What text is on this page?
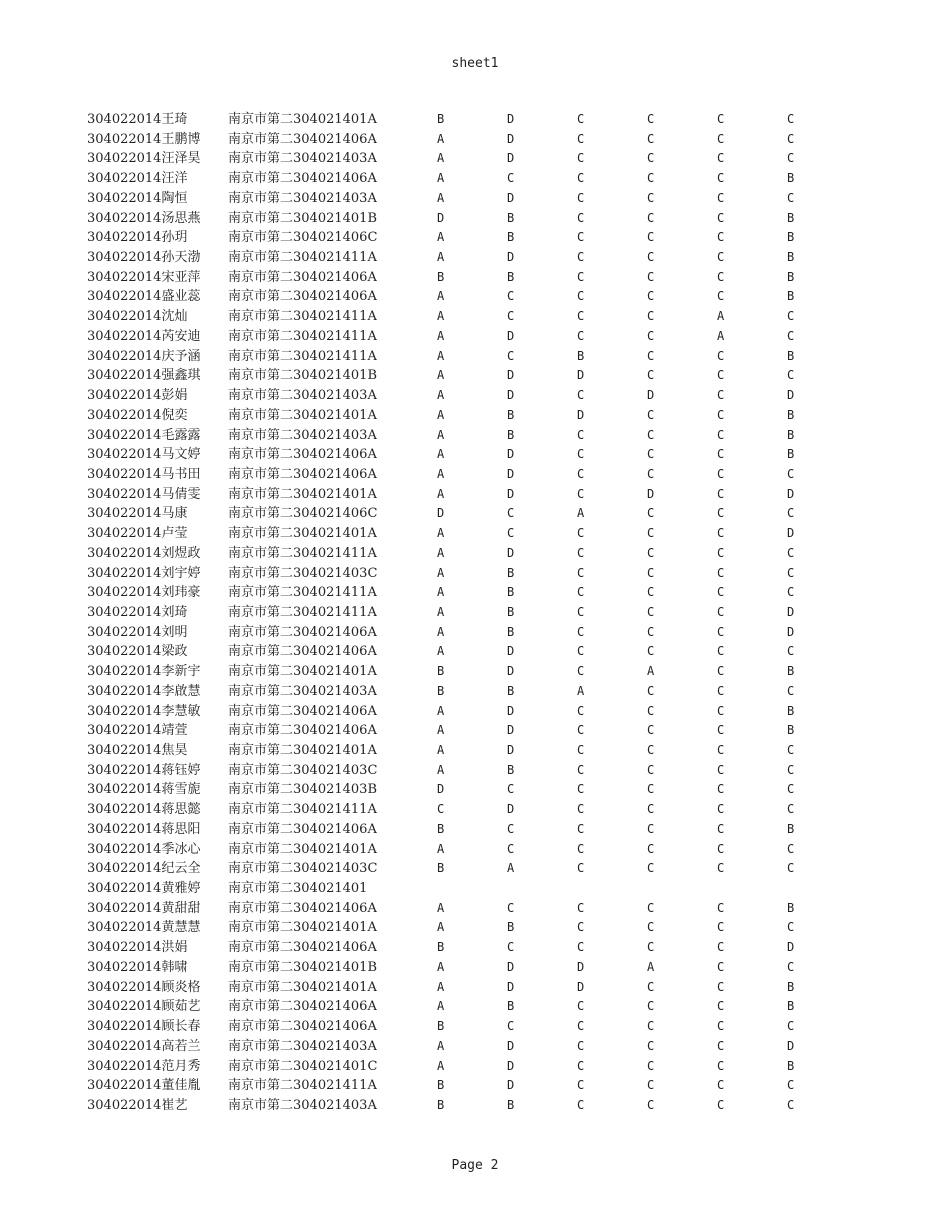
sheet1
304022014王琦	南京市第二304021401A	B	D	C	C	C	C
304022014王鹏博	南京市第二304021406A	A	D	C	C	C	C
304022014汪泽昊	南京市第二304021403A	A	D	C	C	C	C
304022014汪洋	南京市第二304021406A	A	C	C	C	C	B
304022014陶恒	南京市第二304021403A	A	D	C	C	C	C
304022014汤思燕	南京市第二304021401B	D	B	C	C	C	B
304022014孙玥	南京市第二304021406C	A	B	C	C	C	B
304022014孙天渤	南京市第二304021411A	A	D	C	C	C	B
304022014宋亚萍	南京市第二304021406A	B	B	C	C	C	B
304022014盛业蕊	南京市第二304021406A	A	C	C	C	C	B
304022014沈灿	南京市第二304021411A	A	C	C	C	A	C
304022014芮安迪	南京市第二304021411A	A	D	C	C	A	C
304022014庆予涵	南京市第二304021411A	A	C	B	C	C	B
304022014强鑫琪	南京市第二304021401B	A	D	D	C	C	C
304022014彭娟	南京市第二304021403A	A	D	C	D	C	D
304022014倪奕	南京市第二304021401A	A	B	D	C	C	B
304022014毛露露	南京市第二304021403A	A	B	C	C	C	B
304022014马文婷	南京市第二304021406A	A	D	C	C	C	B
304022014马书田	南京市第二304021406A	A	D	C	C	C	C
304022014马倩雯	南京市第二304021401A	A	D	C	D	C	D
304022014马康	南京市第二304021406C	D	C	A	C	C	C
304022014卢莹	南京市第二304021401A	A	C	C	C	C	D
304022014刘煜政	南京市第二304021411A	A	D	C	C	C	C
304022014刘宇婷	南京市第二304021403C	A	B	C	C	C	C
304022014刘玮豪	南京市第二304021411A	A	B	C	C	C	C
304022014刘琦	南京市第二304021411A	A	B	C	C	C	D
304022014刘明	南京市第二304021406A	A	B	C	C	C	D
304022014梁政	南京市第二304021406A	A	D	C	C	C	C
304022014李新宇	南京市第二304021401A	B	D	C	A	C	B
304022014李啟慧	南京市第二304021403A	B	B	A	C	C	C
304022014李慧敏	南京市第二304021406A	A	D	C	C	C	B
304022014靖萱	南京市第二304021406A	A	D	C	C	C	B
304022014焦昊	南京市第二304021401A	A	D	C	C	C	C
304022014蒋钰婷	南京市第二304021403C	A	B	C	C	C	C
304022014蒋雪旎	南京市第二304021403B	D	C	C	C	C	C
304022014蒋思懿	南京市第二304021411A	C	D	C	C	C	C
304022014蒋思阳	南京市第二304021406A	B	C	C	C	C	B
304022014季冰心	南京市第二304021401A	A	C	C	C	C	C
304022014纪云全	南京市第二304021403C	B	A	C	C	C	C
304022014黄雅婷	南京市第二304021401
304022014黄甜甜	南京市第二304021406A	A	C	C	C	C	B
304022014黄慧慧	南京市第二304021401A	A	B	C	C	C	C
304022014洪娟	南京市第二304021406A	B	C	C	C	C	D
304022014韩啸	南京市第二304021401B	A	D	D	A	C	C
304022014顾炎格	南京市第二304021401A	A	D	D	C	C	B
304022014顾茹艺	南京市第二304021406A	A	B	C	C	C	B
304022014顾长春	南京市第二304021406A	B	C	C	C	C	C
304022014高若兰	南京市第二304021403A	A	D	C	C	C	D
304022014范月秀	南京市第二304021401C	A	D	C	C	C	B
304022014董佳胤	南京市第二304021411A	B	D	C	C	C	C
304022014崔艺	南京市第二304021403A	B	B	C	C	C	C
Page 2
